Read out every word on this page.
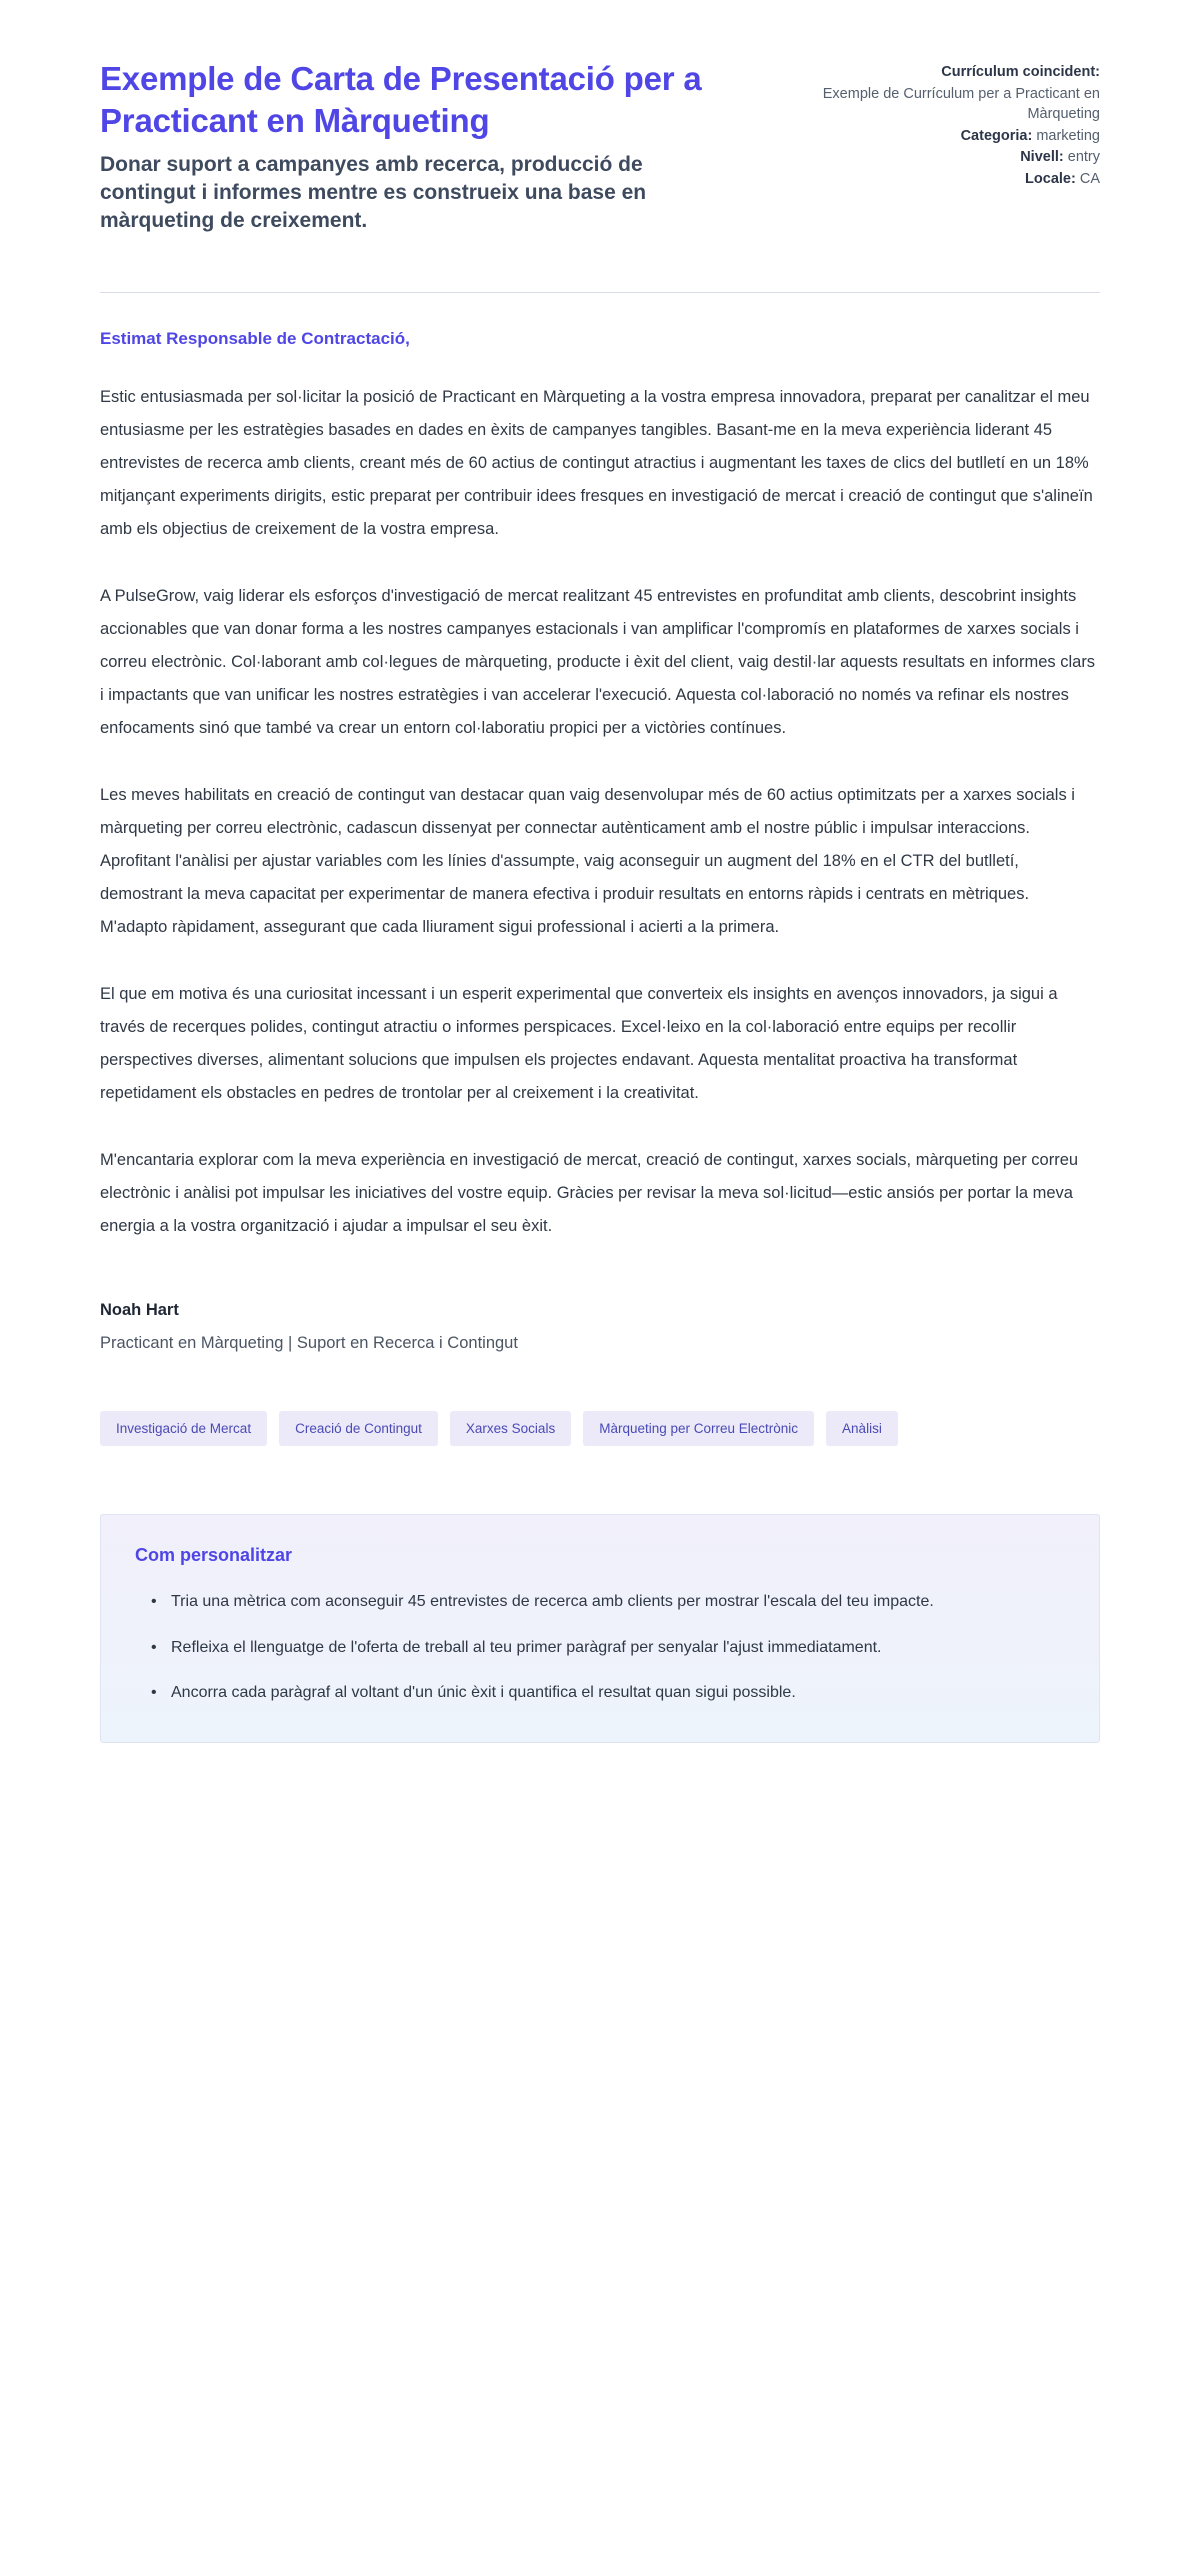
Exemple de Carta de Presentació per a Practicant en Màrqueting

Donar suport a campanyes amb recerca, producció de contingut i informes mentre es construeix una base en màrqueting de creixement.

Currículum coincident:

Exemple de Currículum per a Practicant en Màrqueting

Categoria: marketing

Nivell: entry

Locale: CA

Estimat Responsable de Contractació,

Estic entusiasmada per sol·licitar la posició de Practicant en Màrqueting a la vostra empresa innovadora, preparat per canalitzar el meu entusiasme per les estratègies basades en dades en èxits de campanyes tangibles. Basant-me en la meva experiència liderant 45 entrevistes de recerca amb clients, creant més de 60 actius de contingut atractius i augmentant les taxes de clics del butlletí en un 18% mitjançant experiments dirigits, estic preparat per contribuir idees fresques en investigació de mercat i creació de contingut que s'alineïn amb els objectius de creixement de la vostra empresa.

A PulseGrow, vaig liderar els esforços d'investigació de mercat realitzant 45 entrevistes en profunditat amb clients, descobrint insights accionables que van donar forma a les nostres campanyes estacionals i van amplificar l'compromís en plataformes de xarxes socials i correu electrònic. Col·laborant amb col·legues de màrqueting, producte i èxit del client, vaig destil·lar aquests resultats en informes clars i impactants que van unificar les nostres estratègies i van accelerar l'execució. Aquesta col·laboració no només va refinar els nostres enfocaments sinó que també va crear un entorn col·laboratiu propici per a victòries contínues.

Les meves habilitats en creació de contingut van destacar quan vaig desenvolupar més de 60 actius optimitzats per a xarxes socials i màrqueting per correu electrònic, cadascun dissenyat per connectar autènticament amb el nostre públic i impulsar interaccions. Aprofitant l'anàlisi per ajustar variables com les línies d'assumpte, vaig aconseguir un augment del 18% en el CTR del butlletí, demostrant la meva capacitat per experimentar de manera efectiva i produir resultats en entorns ràpids i centrats en mètriques. M'adapto ràpidament, assegurant que cada lliurament sigui professional i acierti a la primera.

El que em motiva és una curiositat incessant i un esperit experimental que converteix els insights en avenços innovadors, ja sigui a través de recerques polides, contingut atractiu o informes perspicaces. Excel·leixo en la col·laboració entre equips per recollir perspectives diverses, alimentant solucions que impulsen els projectes endavant. Aquesta mentalitat proactiva ha transformat repetidament els obstacles en pedres de trontolar per al creixement i la creativitat.

M'encantaria explorar com la meva experiència en investigació de mercat, creació de contingut, xarxes socials, màrqueting per correu electrònic i anàlisi pot impulsar les iniciatives del vostre equip. Gràcies per revisar la meva sol·licitud—estic ansiós per portar la meva energia a la vostra organització i ajudar a impulsar el seu èxit.

Noah Hart

Practicant en Màrqueting | Suport en Recerca i Contingut

Investigació de Mercat	Creació de Contingut	Xarxes Socials	Màrqueting per Correu Electrònic	Anàlisi
Com personalitzar
• Tria una mètrica com aconseguir 45 entrevistes de recerca amb clients per mostrar l'escala del teu impacte.
• Refleixa el llenguatge de l'oferta de treball al teu primer paràgraf per senyalar l'ajust immediatament.
• Ancorra cada paràgraf al voltant d'un únic èxit i quantifica el resultat quan sigui possible.
